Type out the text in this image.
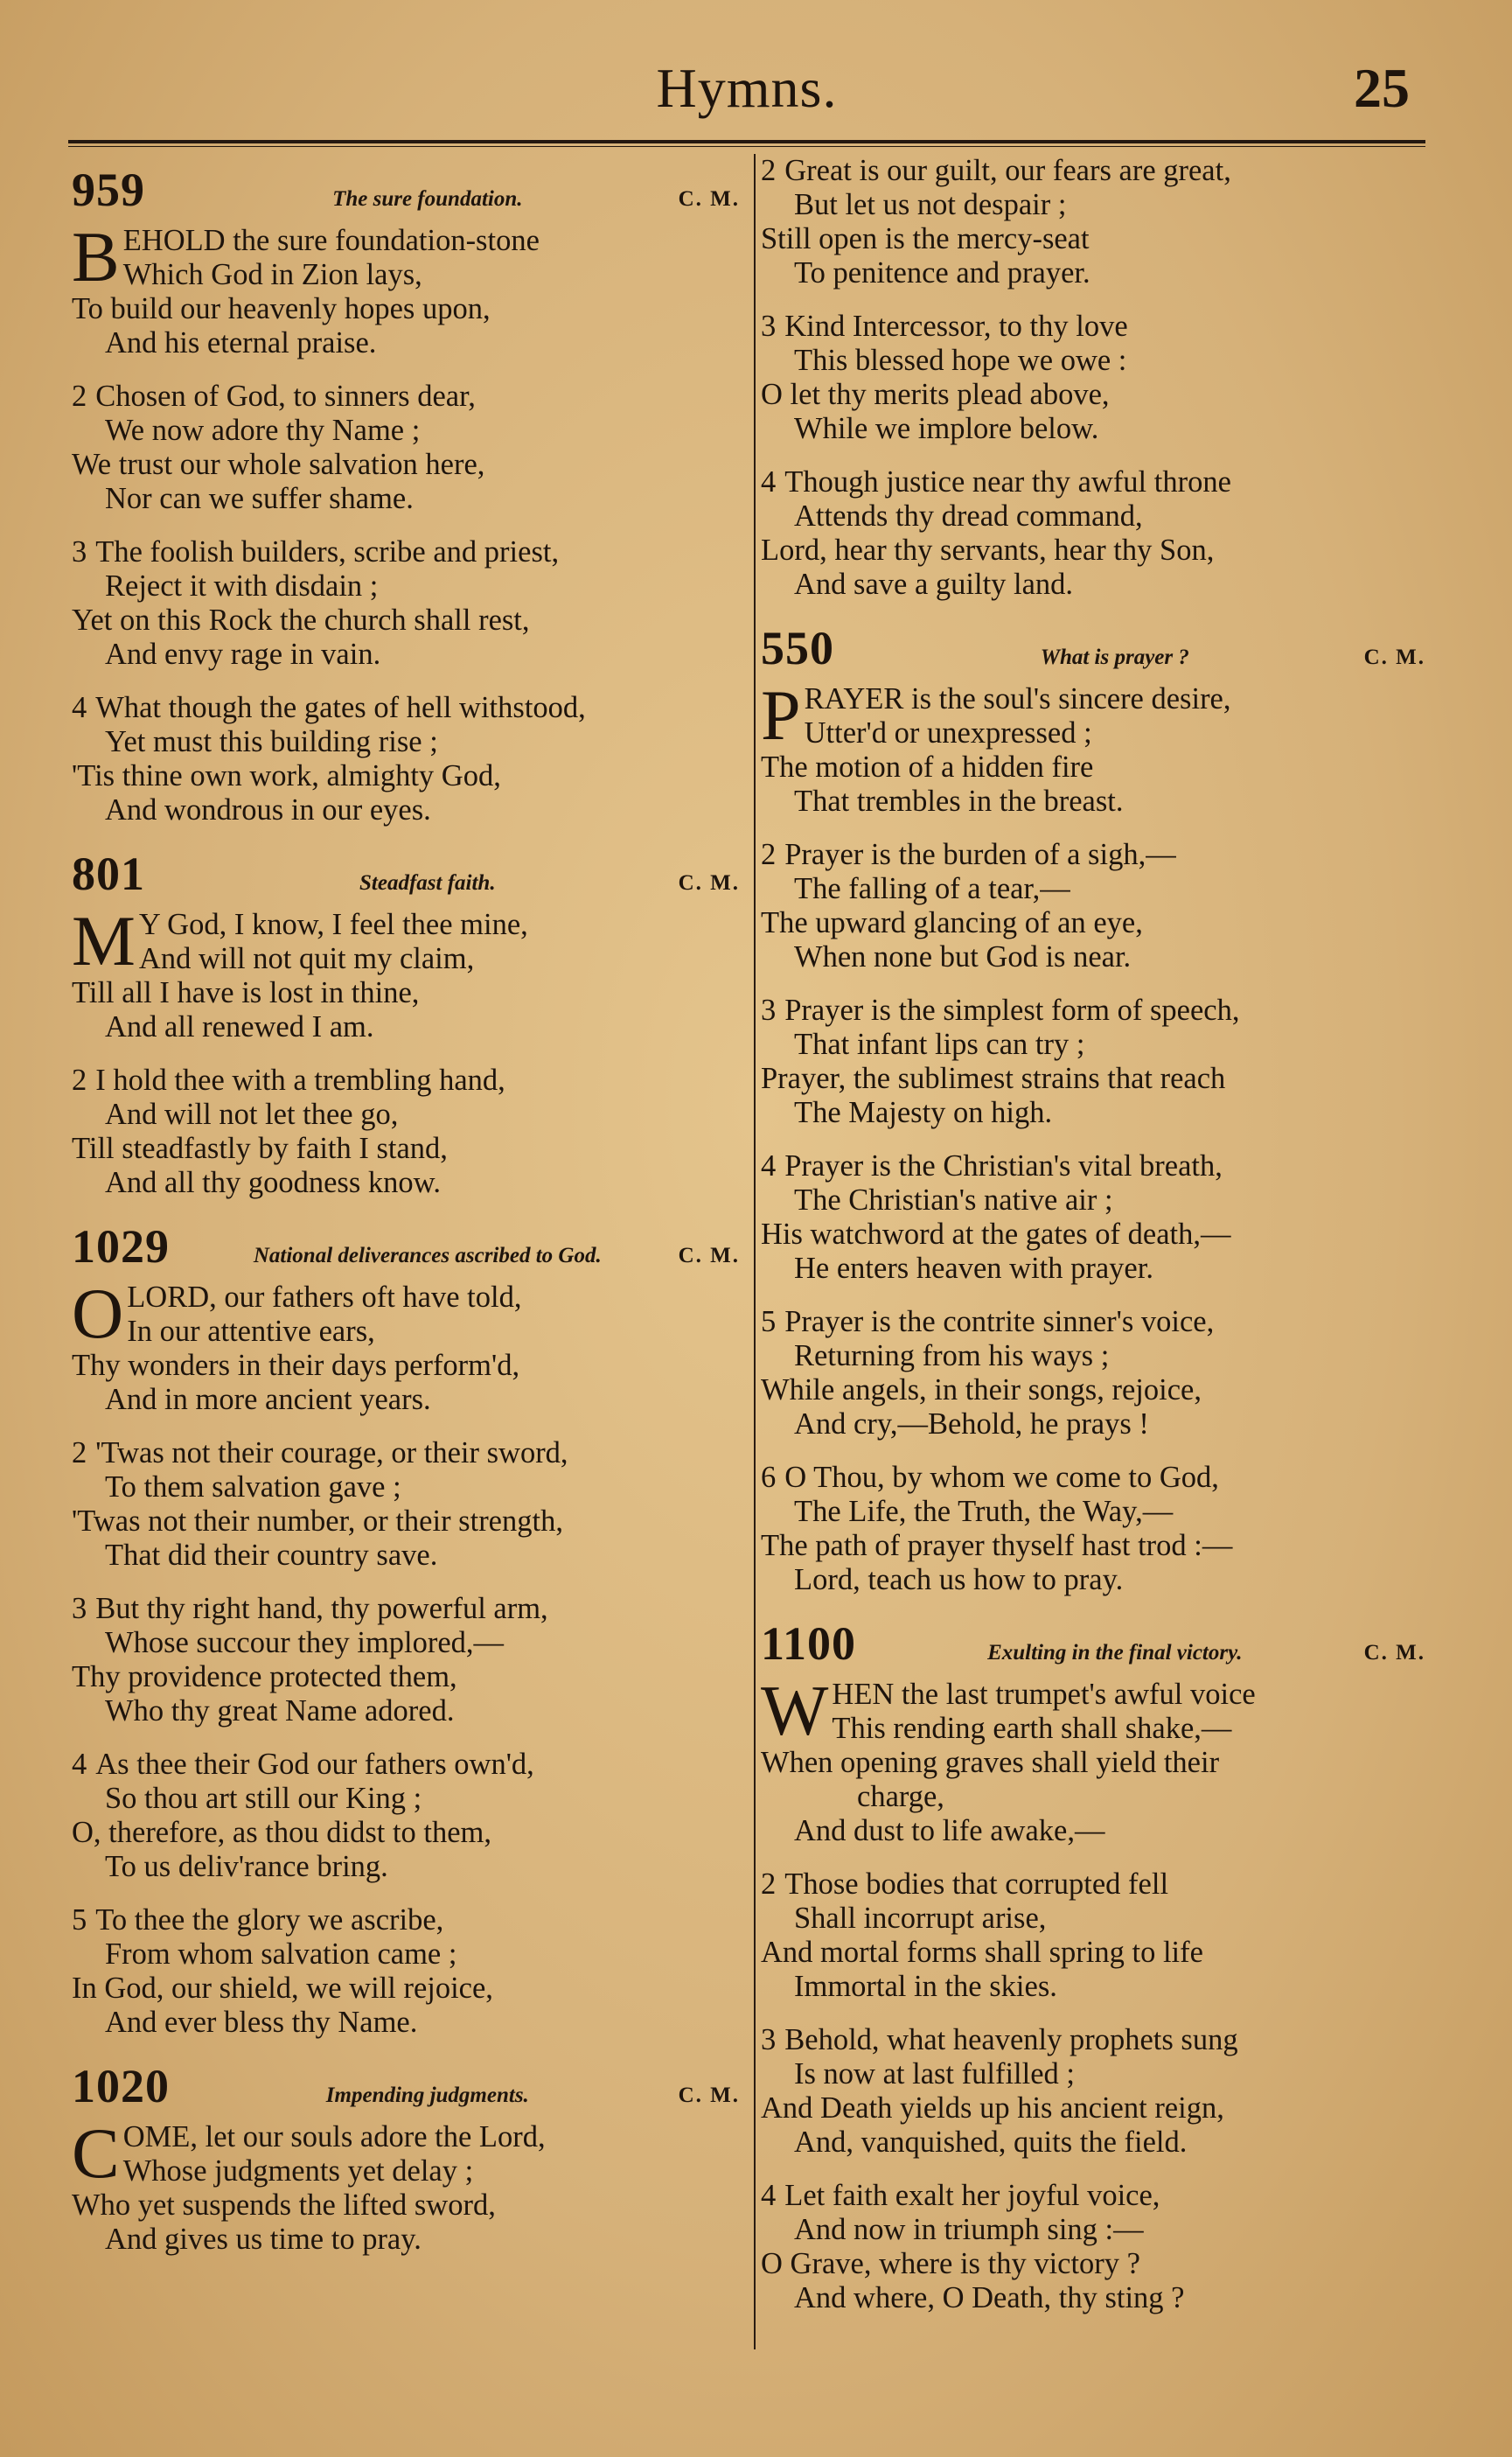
Hymns.	25
959	The sure foundation.	C. M.
BEHOLD the sure foundation-stone
Which God in Zion lays,
To build our heavenly hopes upon,
And his eternal praise.
2 Chosen of God, to sinners dear,
We now adore thy Name ;
We trust our whole salvation here,
Nor can we suffer shame.
3 The foolish builders, scribe and priest,
Reject it with disdain ;
Yet on this Rock the church shall rest,
And envy rage in vain.
4 What though the gates of hell withstood,
Yet must this building rise ;
'Tis thine own work, almighty God,
And wondrous in our eyes.
801	Steadfast faith.	C. M.
M Y God, I know, I feel thee mine,
And will not quit my claim,
Till all I have is lost in thine,
And all renewed I am.
2 I hold thee with a trembling hand,
And will not let thee go,
Till steadfastly by faith I stand,
And all thy goodness know.
1029	National deliverances ascribed to God.	C. M.
OLORD, our fathers oft have told,
In our attentive ears,
Thy wonders in their days perform'd,
And in more ancient years.
2 'Twas not their courage, or their sword,
To them salvation gave ;
'Twas not their number, or their strength,
That did their country save.
3 But thy right hand, thy powerful arm,
Whose succour they implored,—
Thy providence protected them,
Who thy great Name adored.
4 As thee their God our fathers own'd,
So thou art still our King ;
O, therefore, as thou didst to them,
To us deliv'rance bring.
5 To thee the glory we ascribe,
From whom salvation came ;
In God, our shield, we will rejoice,
And ever bless thy Name.
1020	Impending judgments.	C. M.
COME, let our souls adore the Lord,
Whose judgments yet delay ;
Who yet suspends the lifted sword,
And gives us time to pray.
2 Great is our guilt, our fears are great,
But let us not despair ;
Still open is the mercy-seat
To penitence and prayer.
3 Kind Intercessor, to thy love
This blessed hope we owe :
O let thy merits plead above,
While we implore below.
4 Though justice near thy awful throne
Attends thy dread command,
Lord, hear thy servants, hear thy Son,
And save a guilty land.
550	What is prayer ?	C. M.
PRAYER is the soul's sincere desire,
Utter'd or unexpressed ;
The motion of a hidden fire
That trembles in the breast.
2 Prayer is the burden of a sigh,—
The falling of a tear,—
The upward glancing of an eye,
When none but God is near.
3 Prayer is the simplest form of speech,
That infant lips can try ;
Prayer, the sublimest strains that reach
The Majesty on high.
4 Prayer is the Christian's vital breath,
The Christian's native air ;
His watchword at the gates of death,—
He enters heaven with prayer.
5 Prayer is the contrite sinner's voice,
Returning from his ways ;
While angels, in their songs, rejoice,
And cry,—Behold, he prays !
6 O Thou, by whom we come to God,
The Life, the Truth, the Way,—
The path of prayer thyself hast trod :—
Lord, teach us how to pray.
1100	Exulting in the final victory.	C. M.
WHEN the last trumpet's awful voice
This rending earth shall shake,—
When opening graves shall yield their
charge,
And dust to life awake,—
2 Those bodies that corrupted fell
Shall incorrupt arise,
And mortal forms shall spring to life
Immortal in the skies.
3 Behold, what heavenly prophets sung
Is now at last fulfilled ;
And Death yields up his ancient reign,
And, vanquished, quits the field.
4 Let faith exalt her joyful voice,
And now in triumph sing :—
O Grave, where is thy victory ?
And where, O Death, thy sting ?
